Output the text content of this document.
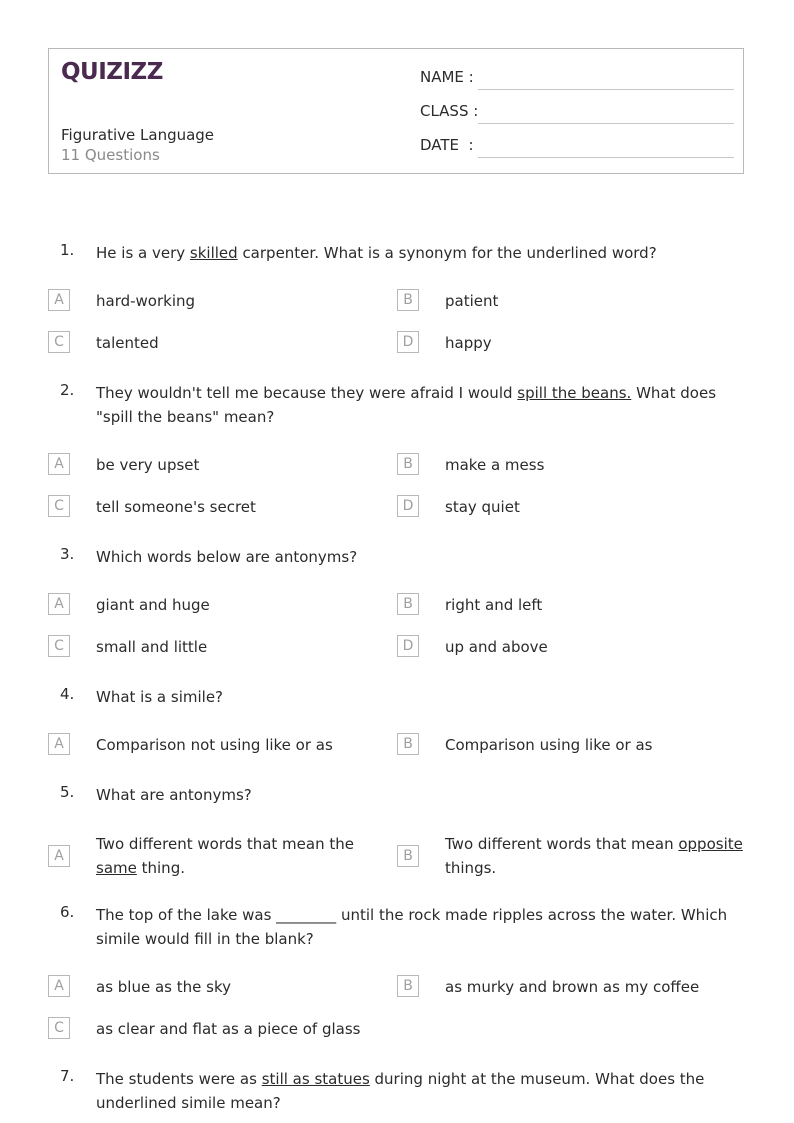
QUIZIZZ
Figurative Language
11 Questions
NAME :
CLASS :
DATE  :
1. He is a very skilled carpenter. What is a synonym for the underlined word?
A	hard-working	B	patient
C	talented	D	happy
2. They wouldn't tell me because they were afraid I would spill the beans. What does "spill the beans" mean?
A	be very upset	B	make a mess
C	tell someone's secret	D	stay quiet
3. Which words below are antonyms?
A	giant and huge	B	right and left
C	small and little	D	up and above
4. What is a simile?
A	Comparison not using like or as	B	Comparison using like or as
5. What are antonyms?
A
Two different words that mean the same thing.
B
Two different words that mean opposite things.
6. The top of the lake was ________ until the rock made ripples across the water. Which simile would fill in the blank?
A	as blue as the sky	B	as murky and brown as my coffee
C	as clear and flat as a piece of glass
7. The students were as still as statues during night at the museum. What does the underlined simile mean?
